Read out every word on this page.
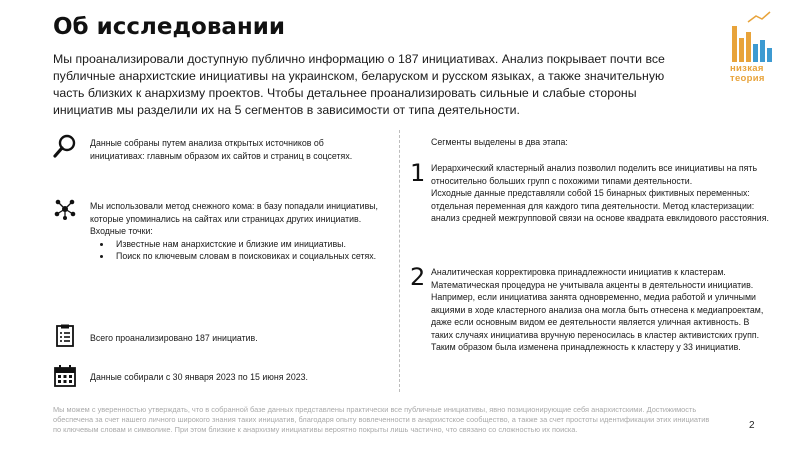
Об исследовании
Мы проанализировали доступную публично информацию о 187 инициативах. Анализ покрывает почти все публичные анархистские инициативы на украинском, беларуском и русском языках, а также значительную часть близких к анархизму проектов. Чтобы детальнее проанализировать сильные и слабые стороны инициатив мы разделили их на 5 сегментов в зависимости от типа деятельности.
низкая
теория
Данные собраны путем анализа открытых источников об инициативах: главным образом их сайтов и страниц в соцсетях.
Мы использовали метод снежного кома: в базу попадали инициативы, которые упоминались на сайтах или страницах других инициатив.
Входные точки:
• Известные нам анархистские и близкие им инициативы.
• Поиск по ключевым словам в поисковиках и социальных сетях.
Всего проанализировано 187 инициатив.
Данные собирали с 30 января 2023 по 15 июня 2023.
Сегменты выделены в два этапа:
1 Иерархический кластерный анализ позволил поделить все инициативы на пять относительно больших групп с похожими типами деятельности.
Исходные данные представляли собой 15 бинарных фиктивных переменных: отдельная переменная для каждого типа деятельности. Метод кластеризации: анализ средней межгрупповой связи на основе квадрата евклидового расстояния.
2 Аналитическая корректировка принадлежности инициатив к кластерам.
Математическая процедура не учитывала акценты в деятельности инициатив. Например, если инициатива занята одновременно, медиа работой и уличными акциями в ходе кластерного анализа она могла быть отнесена к медиапроектам, даже если основным видом ее деятельности является уличная активность. В таких случаях инициатива вручную переносилась в кластер активистских групп. Таким образом была изменена принадлежность к кластеру у 33 инициатив.
Мы можем с уверенностью утверждать, что в собранной базе данных представлены практически все публичные инициативы, явно позиционирующие себя анархистскими. Достижимость обеспечена за счет нашего личного широкого знания таких инициатив, благодаря опыту вовлеченности в анархистское сообщество, а также за счет простоты идентификации этих инициатив по ключевым словам и символике. При этом близкие к анархизму инициативы вероятно покрыты лишь частично, что связано со сложностью их поиска.	2
